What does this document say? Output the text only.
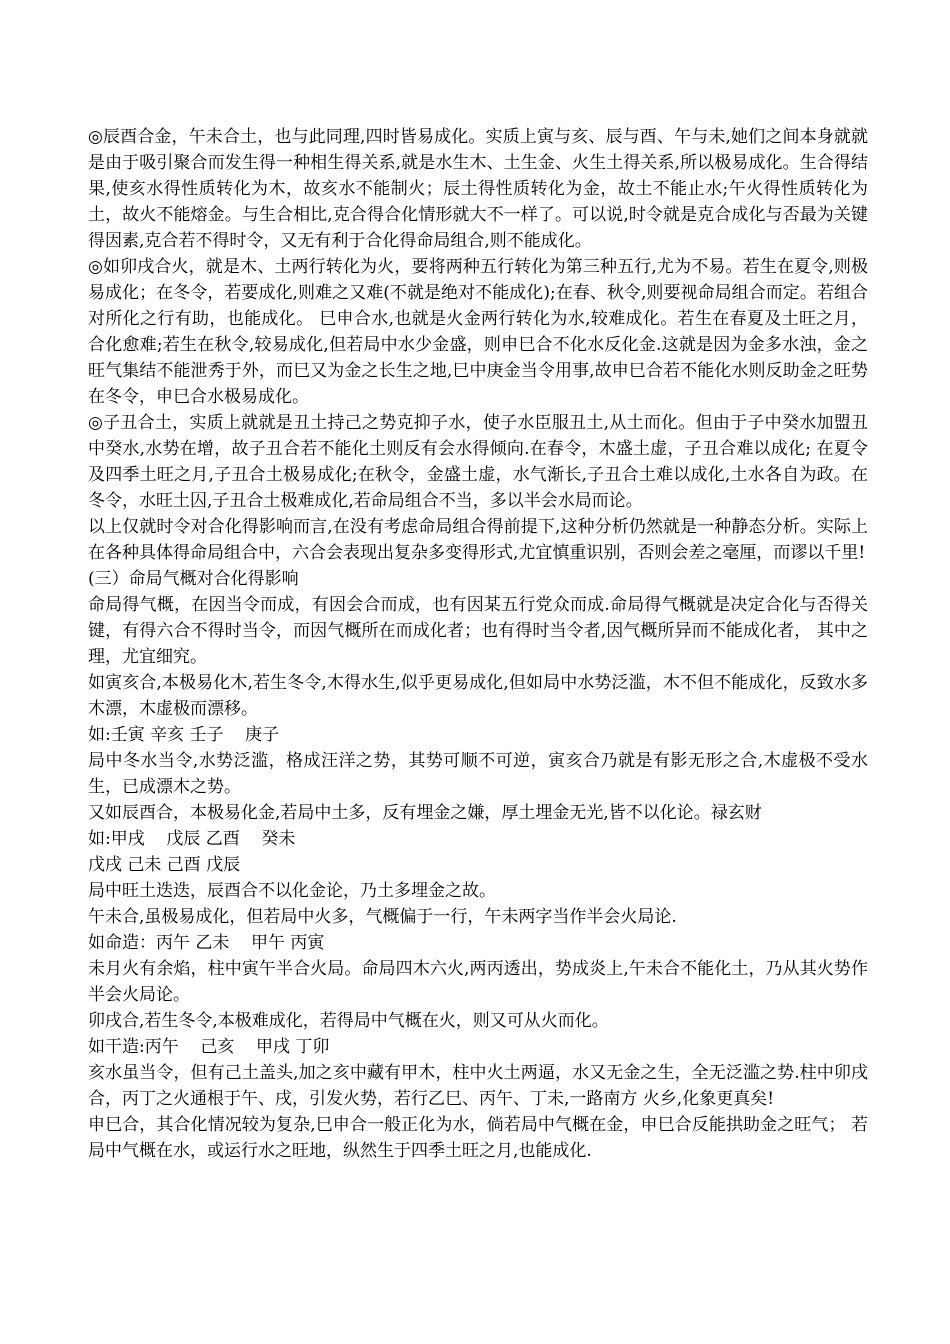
◎辰酉合金，午未合土，也与此同理,四时皆易成化。实质上寅与亥、辰与酉、午与未,她们之间本身就就是由于吸引聚合而发生得一种相生得关系,就是水生木、土生金、火生土得关系,所以极易成化。生合得结果,使亥水得性质转化为木，故亥水不能制火；辰土得性质转化为金，故土不能止水;午火得性质转化为土，故火不能熔金。与生合相比,克合得合化情形就大不一样了。可以说,时令就是克合成化与否最为关键得因素,克合若不得时令，又无有利于合化得命局组合,则不能成化。

◎如卯戌合火，就是木、土两行转化为火，要将两种五行转化为第三种五行,尤为不易。若生在夏令,则极易成化；在冬令，若要成化,则难之又难(不就是绝对不能成化);在春、秋令,则要视命局组合而定。若组合对所化之行有助，也能成化。 巳申合水,也就是火金两行转化为水,较难成化。若生在春夏及土旺之月，合化愈难;若生在秋令,较易成化,但若局中水少金盛，则申巳合不化水反化金.这就是因为金多水浊，金之旺气集结不能泄秀于外，而巳又为金之长生之地,巳中庚金当令用事,故申巳合若不能化水则反助金之旺势在冬令，申巳合水极易成化。

◎子丑合土，实质上就就是丑土持己之势克抑子水，使子水臣服丑土,从土而化。但由于子中癸水加盟丑中癸水,水势在增，故子丑合若不能化土则反有会水得倾向.在春令，木盛土虚，子丑合难以成化; 在夏令及四季土旺之月,子丑合土极易成化;在秋令，金盛土虚，水气渐长,子丑合土难以成化,土水各自为政。在冬令，水旺土囚,子丑合土极难成化,若命局组合不当，多以半会水局而论。

以上仅就时令对合化得影响而言,在没有考虑命局组合得前提下,这种分析仍然就是一种静态分析。实际上在各种具体得命局组合中，六合会表现出复杂多变得形式,尤宜慎重识别，否则会差之毫厘，而谬以千里!

(三）命局气概对合化得影响

命局得气概，在因当令而成，有因会合而成，也有因某五行党众而成.命局得气概就是决定合化与否得关键，有得六合不得时当令，而因气概所在而成化者；也有得时当令者,因气概所异而不能成化者， 其中之理，尤宜细究。

如寅亥合,本极易化木,若生冬令,木得水生,似乎更易成化,但如局中水势泛滥，木不但不能成化，反致水多木漂，木虚极而漂移。

如:壬寅 辛亥 壬子    庚子

局中冬水当令,水势泛滥，格成汪洋之势，其势可顺不可逆，寅亥合乃就是有影无形之合,木虚极不受水生，已成漂木之势。

又如辰酉合，本极易化金,若局中土多，反有埋金之嫌，厚土埋金无光,皆不以化论。禄玄财

如:甲戌    戊辰 乙酉    癸未

戊戌 己未 己酉 戊辰

局中旺土迭迭，辰酉合不以化金论，乃土多埋金之故。

午未合,虽极易成化，但若局中火多，气概偏于一行，午未两字当作半会火局论.

如命造：丙午 乙未    甲午 丙寅

未月火有余焰，柱中寅午半合火局。命局四木六火,两丙透出，势成炎上,午未合不能化土，乃从其火势作半会火局论。

卯戌合,若生冬令,本极难成化，若得局中气概在火，则又可从火而化。

如干造:丙午    己亥    甲戌 丁卯

亥水虽当令，但有己土盖头,加之亥中藏有甲木，柱中火土两逼，水又无金之生，全无泛滥之势.柱中卯戌合，丙丁之火通根于午、戌，引发火势，若行乙巳、丙午、丁未,一路南方 火乡,化象更真矣!

申巳合，其合化情况较为复杂,巳申合一般正化为水，倘若局中气概在金，申巳合反能拱助金之旺气； 若局中气概在水，或运行水之旺地，纵然生于四季土旺之月,也能成化.
